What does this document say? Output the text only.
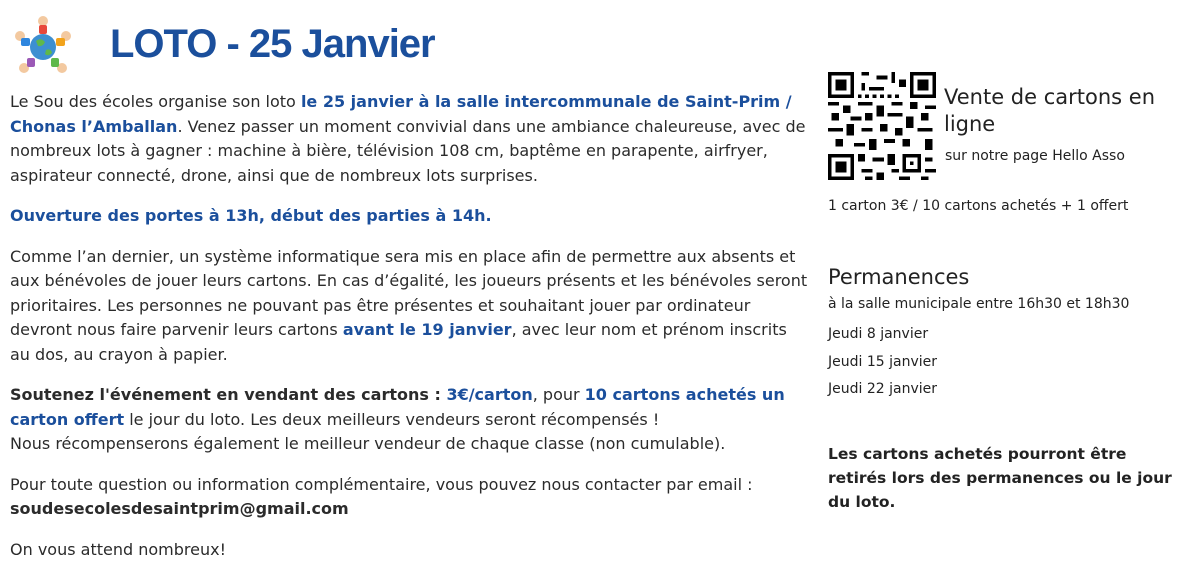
LOTO - 25 Janvier

Le Sou des écoles organise son loto le 25 janvier à la salle intercommunale de Saint-Prim / Chonas l’Amballan. Venez passer un moment convivial dans une ambiance chaleureuse, avec de nombreux lots à gagner : machine à bière, télévision 108 cm, baptême en parapente, airfryer, aspirateur connecté, drone, ainsi que de nombreux lots surprises.

Ouverture des portes à 13h, début des parties à 14h.

Comme l’an dernier, un système informatique sera mis en place afin de permettre aux absents et aux bénévoles de jouer leurs cartons. En cas d’égalité, les joueurs présents et les bénévoles seront prioritaires. Les personnes ne pouvant pas être présentes et souhaitant jouer par ordinateur devront nous faire parvenir leurs cartons avant le 19 janvier, avec leur nom et prénom inscrits au dos, au crayon à papier.

Soutenez l'événement en vendant des cartons : 3€/carton, pour 10 cartons achetés un carton offert le jour du loto. Les deux meilleurs vendeurs seront récompensés !
Nous récompenserons également le meilleur vendeur de chaque classe (non cumulable).

Pour toute question ou information complémentaire, vous pouvez nous contacter par email :
soudesecolesdesaintprim@gmail.com

On vous attend nombreux!

Vente de cartons en ligne
sur notre page Hello Asso
1 carton 3€ / 10 cartons achetés + 1 offert
Permanences
à la salle municipale entre 16h30 et 18h30
Jeudi 8 janvier
Jeudi 15 janvier
Jeudi 22 janvier

Les cartons achetés pourront être retirés lors des permanences ou le jour du loto.
